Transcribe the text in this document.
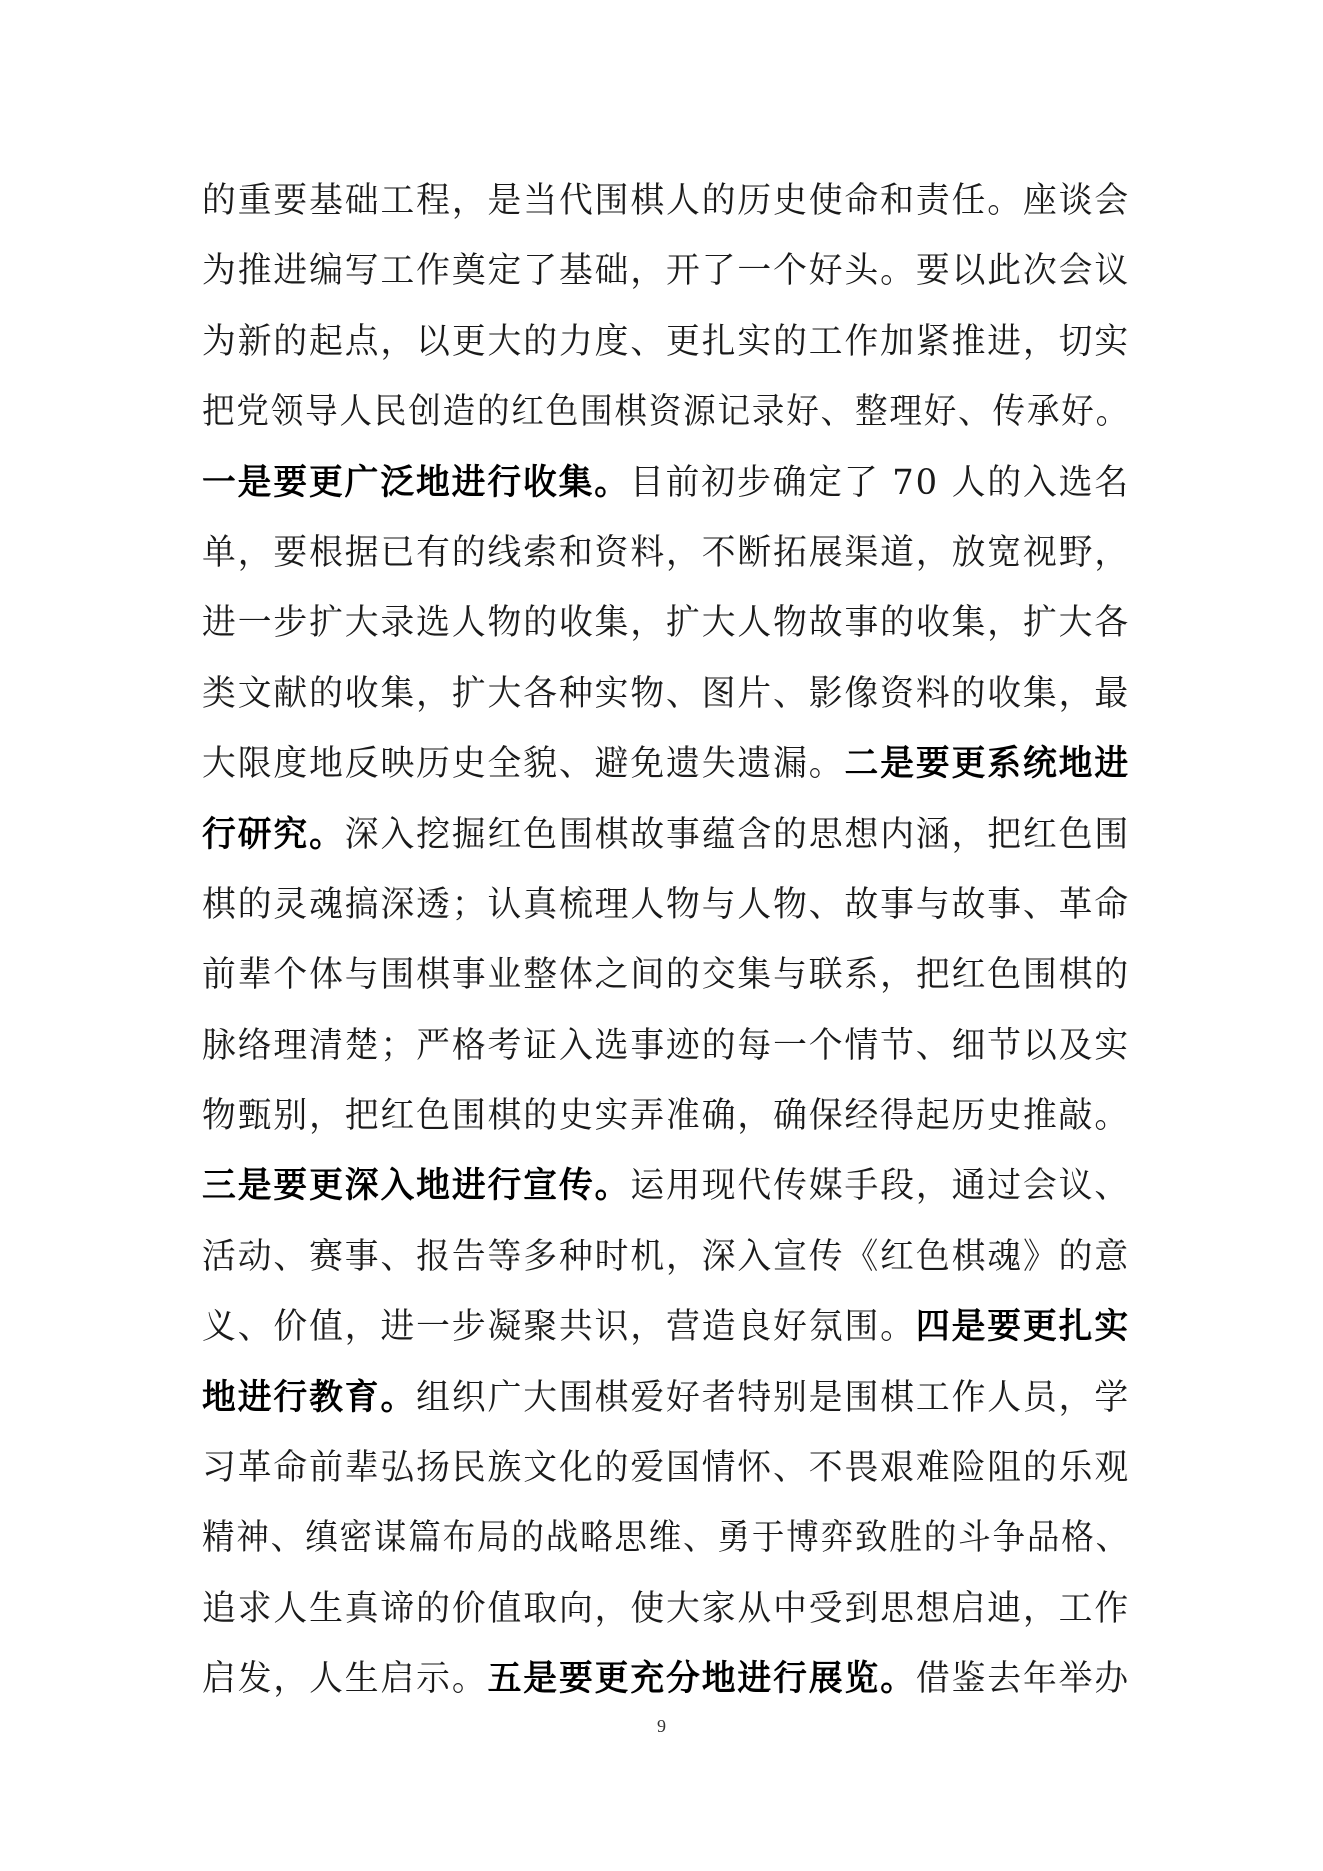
的重要基础工程，是当代围棋人的历史使命和责任。座谈会
为推进编写工作奠定了基础，开了一个好头。要以此次会议
为新的起点，以更大的力度、更扎实的工作加紧推进，切实
把党领导人民创造的红色围棋资源记录好、整理好、传承好。
一是要更广泛地进行收集。目前初步确定了 70 人的入选名
单，要根据已有的线索和资料，不断拓展渠道，放宽视野，
进一步扩大录选人物的收集，扩大人物故事的收集，扩大各
类文献的收集，扩大各种实物、图片、影像资料的收集，最
大限度地反映历史全貌、避免遗失遗漏。二是要更系统地进
行研究。深入挖掘红色围棋故事蕴含的思想内涵，把红色围
棋的灵魂搞深透；认真梳理人物与人物、故事与故事、革命
前辈个体与围棋事业整体之间的交集与联系，把红色围棋的
脉络理清楚；严格考证入选事迹的每一个情节、细节以及实
物甄别，把红色围棋的史实弄准确，确保经得起历史推敲。
三是要更深入地进行宣传。运用现代传媒手段，通过会议、
活动、赛事、报告等多种时机，深入宣传《红色棋魂》的意
义、价值，进一步凝聚共识，营造良好氛围。四是要更扎实
地进行教育。组织广大围棋爱好者特别是围棋工作人员，学
习革命前辈弘扬民族文化的爱国情怀、不畏艰难险阻的乐观
精神、缜密谋篇布局的战略思维、勇于博弈致胜的斗争品格、
追求人生真谛的价值取向，使大家从中受到思想启迪，工作
启发，人生启示。五是要更充分地进行展览。借鉴去年举办
9
